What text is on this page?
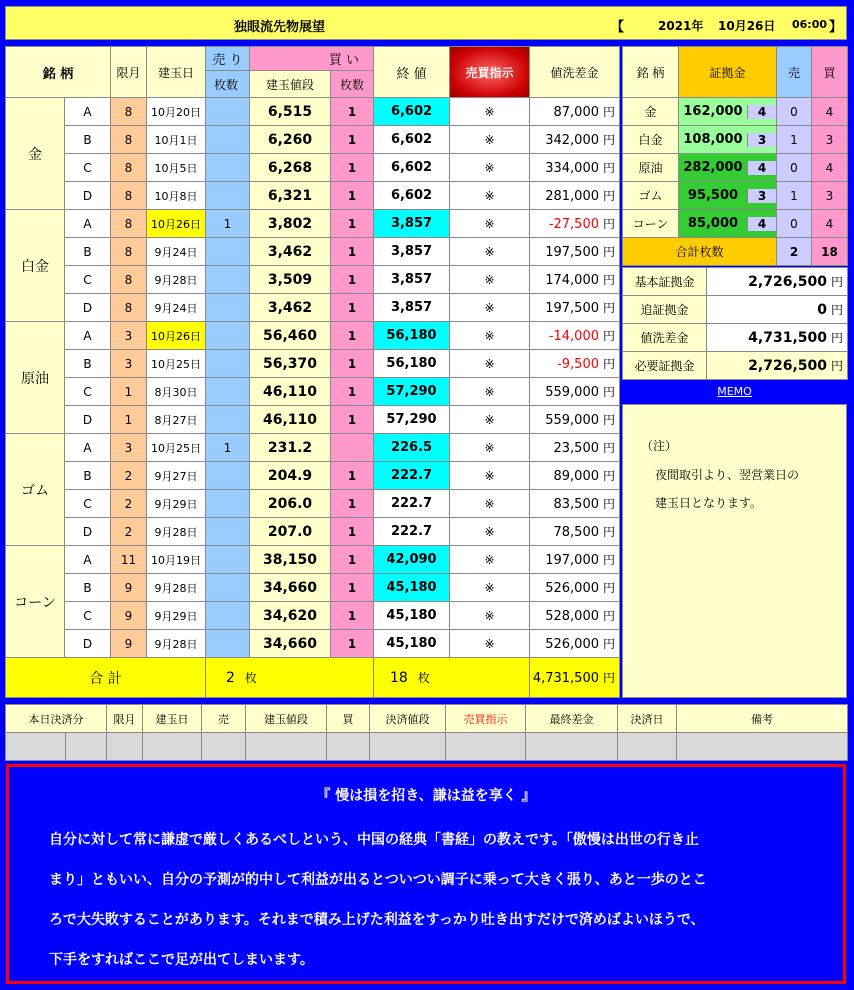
独眼流先物展望	【	2021年 10月26日 06:00 】
銘 柄		限月	建玉日	売 り	買 い		終 値	売買指示	値洗差金
				枚数	建玉値段	枚数			
金	A	8	10月20日		6,515	1	6,602	※	87,000 円
	B	8	10月1日		6,260	1	6,602	※	342,000 円
	C	8	10月5日		6,268	1	6,602	※	334,000 円
	D	8	10月8日		6,321	1	6,602	※	281,000 円
白金	A	8	10月26日	1	3,802	1	3,857	※	-27,500 円
	B	8	9月24日		3,462	1	3,857	※	197,500 円
	C	8	9月28日		3,509	1	3,857	※	174,000 円
	D	8	9月24日		3,462	1	3,857	※	197,500 円
原油	A	3	10月26日		56,460	1	56,180	※	-14,000 円
	B	3	10月25日		56,370	1	56,180	※	-9,500 円
	C	1	8月30日		46,110	1	57,290	※	559,000 円
	D	1	8月27日		46,110	1	57,290	※	559,000 円
ゴム	A	3	10月25日	1	231.2		226.5	※	23,500 円
	B	2	9月27日		204.9	1	222.7	※	89,000 円
	C	2	9月29日		206.0	1	222.7	※	83,500 円
	D	2	9月28日		207.0	1	222.7	※	78,500 円
コーン	A	11	10月19日		38,150	1	42,090	※	197,000 円
	B	9	9月28日		34,660	1	45,180	※	526,000 円
	C	9	9月29日		34,620	1	45,180	※	528,000 円
	D	9	9月28日		34,660	1	45,180	※	526,000 円
合 計				2 枚			18 枚		4,731,500 円
銘 柄	証拠金	売	買
金	162,000 4	0	4
白金	108,000 3	1	3
原油	282,000 4	0	4
ゴム	95,500 3	1	3
コーン	85,000 4	0	4
合計枚数		2	18
基本証拠金	2,726,500 円
追証拠金	0 円
値洗差金	4,731,500 円
必要証拠金	2,726,500 円
MEMO
（注）
夜間取引より、翌営業日の
建玉日となります。
本日決済分		限月	建玉日	売	建玉値段	買	決済値段	売買指示	最終差金	決済日	備考

『 慢は損を招き、謙は益を享く 』
自分に対して常に謙虚で厳しくあるべしという、中国の経典「書経」の教えです。「傲慢は出世の行き止
まり」ともいい、自分の予測が的中して利益が出るとついつい調子に乗って大きく張り、あと一歩のとこ
ろで大失敗することがあります。それまで積み上げた利益をすっかり吐き出すだけで済めばよいほうで、
下手をすればここで足が出てしまいます。
